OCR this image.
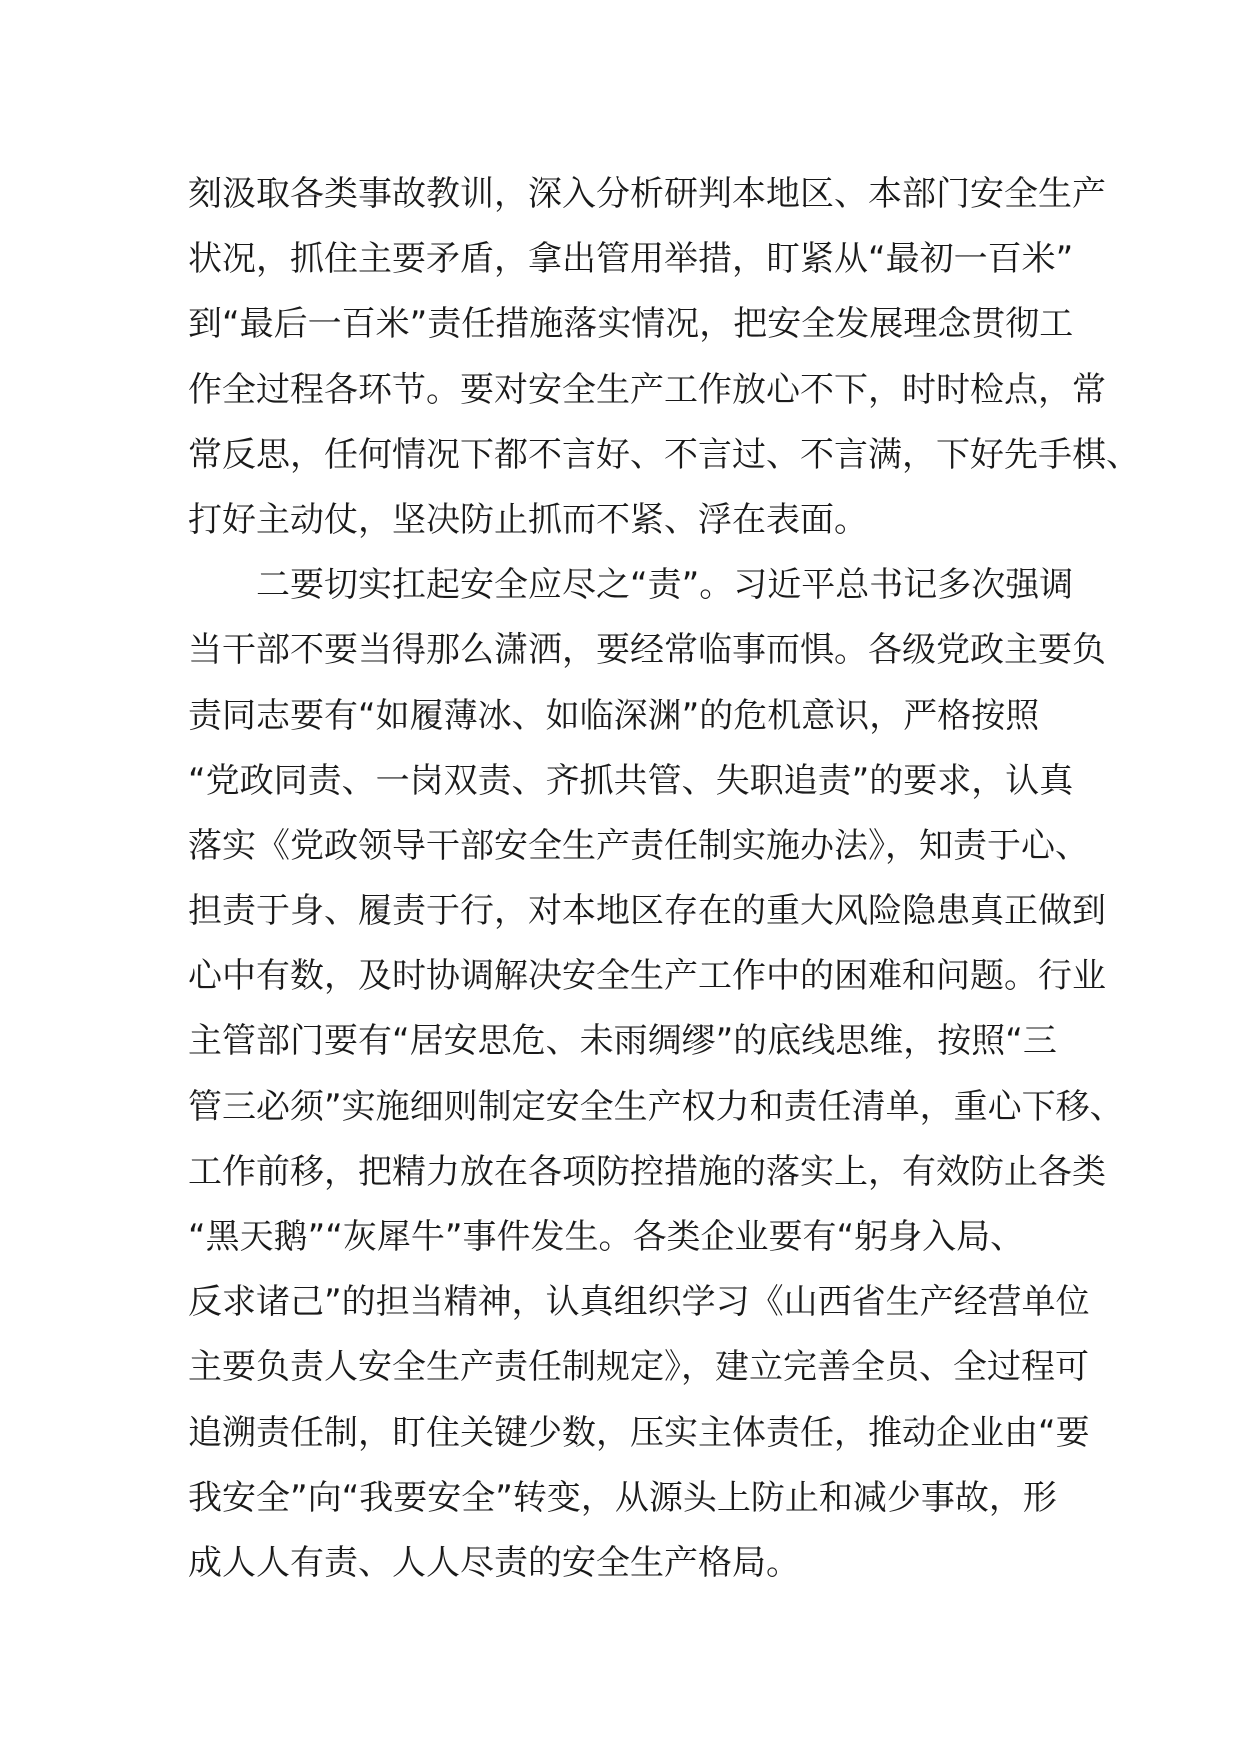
刻汲取各类事故教训，深入分析研判本地区、本部门安全生产
状况，抓住主要矛盾，拿出管用举措，盯紧从“最初一百米”
到“最后一百米”责任措施落实情况，把安全发展理念贯彻工
作全过程各环节。要对安全生产工作放心不下，时时检点，常
常反思，任何情况下都不言好、不言过、不言满，下好先手棋、
打好主动仗，坚决防止抓而不紧、浮在表面。
二要切实扛起安全应尽之“责”。习近平总书记多次强调
当干部不要当得那么潇洒，要经常临事而惧。各级党政主要负
责同志要有“如履薄冰、如临深渊”的危机意识，严格按照
“党政同责、一岗双责、齐抓共管、失职追责”的要求，认真
落实《党政领导干部安全生产责任制实施办法》，知责于心、
担责于身、履责于行，对本地区存在的重大风险隐患真正做到
心中有数，及时协调解决安全生产工作中的困难和问题。行业
主管部门要有“居安思危、未雨绸缪”的底线思维，按照“三
管三必须”实施细则制定安全生产权力和责任清单，重心下移、
工作前移，把精力放在各项防控措施的落实上，有效防止各类
“黑天鹅”“灰犀牛”事件发生。各类企业要有“躬身入局、
反求诸己”的担当精神，认真组织学习《山西省生产经营单位
主要负责人安全生产责任制规定》，建立完善全员、全过程可
追溯责任制，盯住关键少数，压实主体责任，推动企业由“要
我安全”向“我要安全”转变，从源头上防止和减少事故，形
成人人有责、人人尽责的安全生产格局。
